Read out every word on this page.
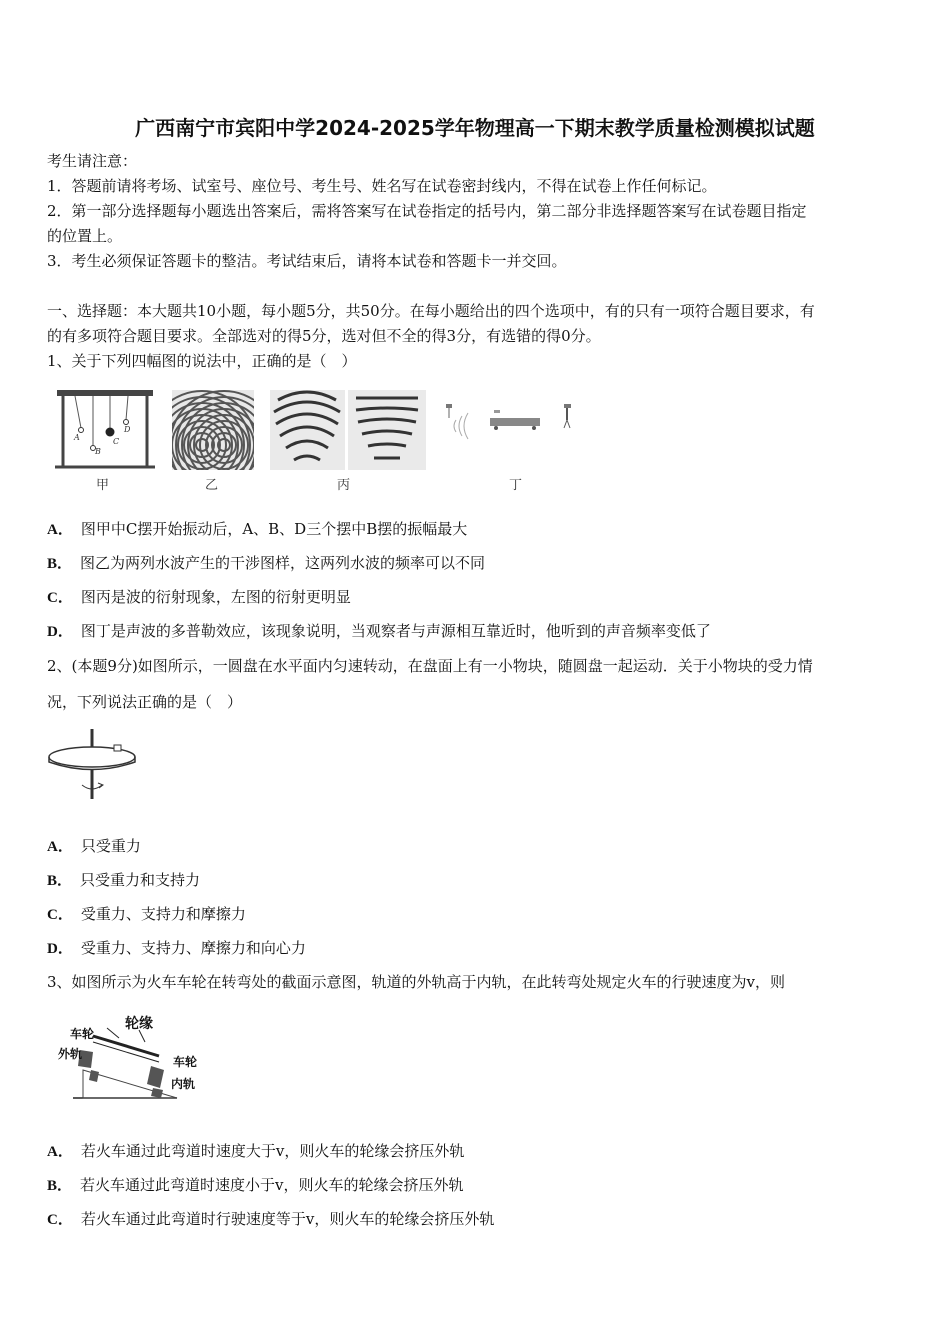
广西南宁市宾阳中学2024-2025学年物理高一下期末教学质量检测模拟试题
考生请注意：
1．答题前请将考场、试室号、座位号、考生号、姓名写在试卷密封线内，不得在试卷上作任何标记。
2．第一部分选择题每小题选出答案后，需将答案写在试卷指定的括号内，第二部分非选择题答案写在试卷题目指定
的位置上。
3．考生必须保证答题卡的整洁。考试结束后，请将本试卷和答题卡一并交回。
一、选择题：本大题共10小题，每小题5分，共50分。在每小题给出的四个选项中，有的只有一项符合题目要求，有
的有多项符合题目要求。全部选对的得5分，选对但不全的得3分，有选错的得0分。
1、关于下列四幅图的说法中，正确的是（　）
A
B
C
D
甲	乙	丙	丁
A． 图甲中C摆开始振动后，A、B、D三个摆中B摆的振幅最大
B． 图乙为两列水波产生的干涉图样，这两列水波的频率可以不同
C． 图丙是波的衍射现象，左图的衍射更明显
D． 图丁是声波的多普勒效应，该现象说明，当观察者与声源相互靠近时，他听到的声音频率变低了
2、(本题9分)如图所示，一圆盘在水平面内匀速转动，在盘面上有一小物块，随圆盘一起运动．关于小物块的受力情
况，下列说法正确的是（　）
A． 只受重力
B． 只受重力和支持力
C． 受重力、支持力和摩擦力
D． 受重力、支持力、摩擦力和向心力
3、如图所示为火车车轮在转弯处的截面示意图，轨道的外轨高于内轨，在此转弯处规定火车的行驶速度为v，则
车轮
轮缘
外轨
车轮
内轨
A． 若火车通过此弯道时速度大于v，则火车的轮缘会挤压外轨
B． 若火车通过此弯道时速度小于v，则火车的轮缘会挤压外轨
C． 若火车通过此弯道时行驶速度等于v，则火车的轮缘会挤压外轨
